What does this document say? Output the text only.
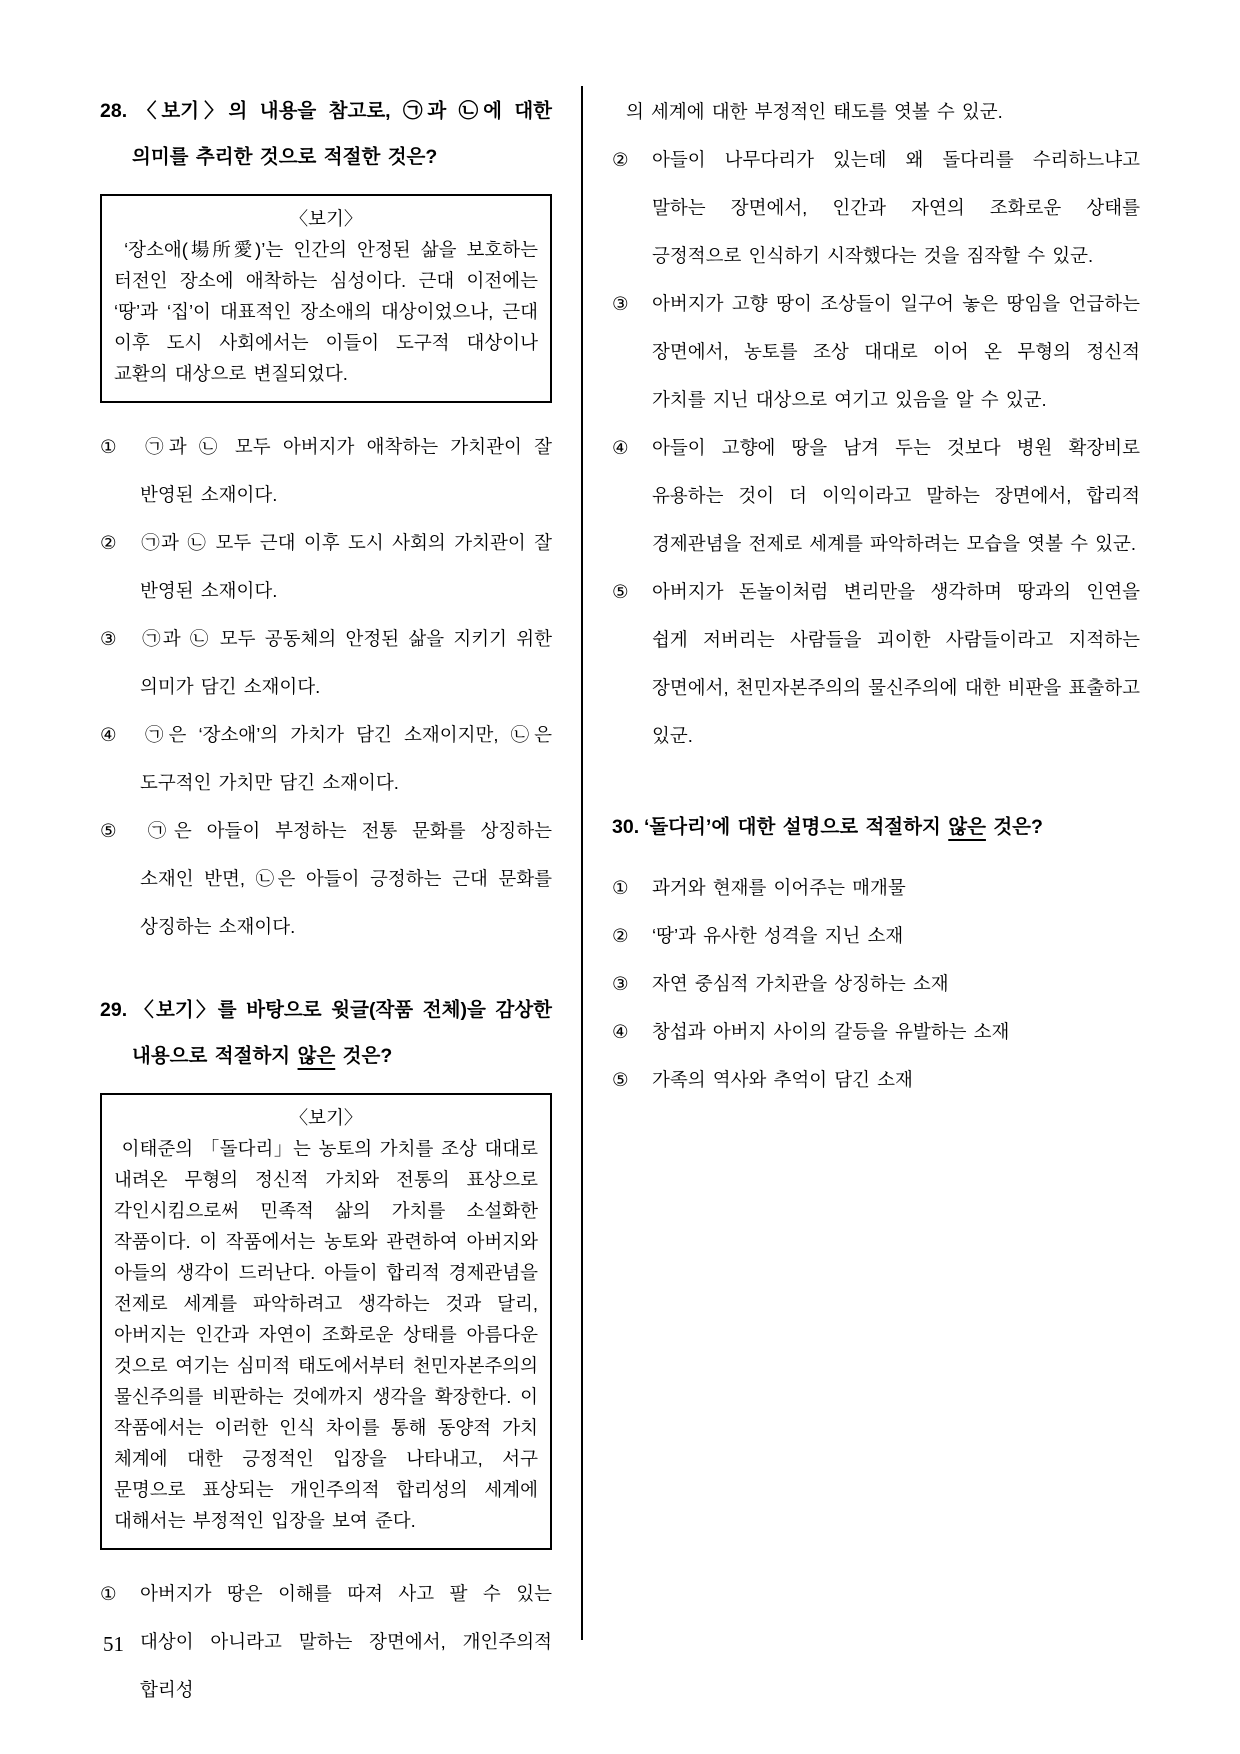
28. 〈보기〉의 내용을 참고로, ㉠과 ㉡에 대한 의미를 추리한 것으로 적절한 것은?

〈보기〉

‘장소애(場所愛)’는 인간의 안정된 삶을 보호하는 터전인 장소에 애착하는 심성이다. 근대 이전에는 ‘땅’과 ‘집’이 대표적인 장소애의 대상이었으나, 근대 이후 도시 사회에서는 이들이 도구적 대상이나 교환의 대상으로 변질되었다.

① ㉠과 ㉡ 모두 아버지가 애착하는 가치관이 잘 반영된 소재이다.

② ㉠과 ㉡ 모두 근대 이후 도시 사회의 가치관이 잘 반영된 소재이다.

③ ㉠과 ㉡ 모두 공동체의 안정된 삶을 지키기 위한 의미가 담긴 소재이다.

④ ㉠은 ‘장소애’의 가치가 담긴 소재이지만, ㉡은 도구적인 가치만 담긴 소재이다.

⑤ ㉠은 아들이 부정하는 전통 문화를 상징하는 소재인 반면, ㉡은 아들이 긍정하는 근대 문화를 상징하는 소재이다.

29. 〈보기〉를 바탕으로 윗글(작품 전체)을 감상한 내용으로 적절하지 않은 것은?

〈보기〉

이태준의 「돌다리」는 농토의 가치를 조상 대대로 내려온 무형의 정신적 가치와 전통의 표상으로 각인시킴으로써 민족적 삶의 가치를 소설화한 작품이다. 이 작품에서는 농토와 관련하여 아버지와 아들의 생각이 드러난다. 아들이 합리적 경제관념을 전제로 세계를 파악하려고 생각하는 것과 달리, 아버지는 인간과 자연이 조화로운 상태를 아름다운 것으로 여기는 심미적 태도에서부터 천민자본주의의 물신주의를 비판하는 것에까지 생각을 확장한다. 이 작품에서는 이러한 인식 차이를 통해 동양적 가치 체계에 대한 긍정적인 입장을 나타내고, 서구 문명으로 표상되는 개인주의적 합리성의 세계에 대해서는 부정적인 입장을 보여 준다.

① 아버지가 땅은 이해를 따져 사고 팔 수 있는 대상이 아니라고 말하는 장면에서, 개인주의적 합리성

의 세계에 대한 부정적인 태도를 엿볼 수 있군.

② 아들이 나무다리가 있는데 왜 돌다리를 수리하느냐고 말하는 장면에서, 인간과 자연의 조화로운 상태를 긍정적으로 인식하기 시작했다는 것을 짐작할 수 있군.

③ 아버지가 고향 땅이 조상들이 일구어 놓은 땅임을 언급하는 장면에서, 농토를 조상 대대로 이어 온 무형의 정신적 가치를 지닌 대상으로 여기고 있음을 알 수 있군.

④ 아들이 고향에 땅을 남겨 두는 것보다 병원 확장비로 유용하는 것이 더 이익이라고 말하는 장면에서, 합리적 경제관념을 전제로 세계를 파악하려는 모습을 엿볼 수 있군.

⑤ 아버지가 돈놀이처럼 변리만을 생각하며 땅과의 인연을 쉽게 저버리는 사람들을 괴이한 사람들이라고 지적하는 장면에서, 천민자본주의의 물신주의에 대한 비판을 표출하고 있군.

30. ‘돌다리’에 대한 설명으로 적절하지 않은 것은?

① 과거와 현재를 이어주는 매개물

② ‘땅’과 유사한 성격을 지닌 소재

③ 자연 중심적 가치관을 상징하는 소재

④ 창섭과 아버지 사이의 갈등을 유발하는 소재

⑤ 가족의 역사와 추억이 담긴 소재

51
